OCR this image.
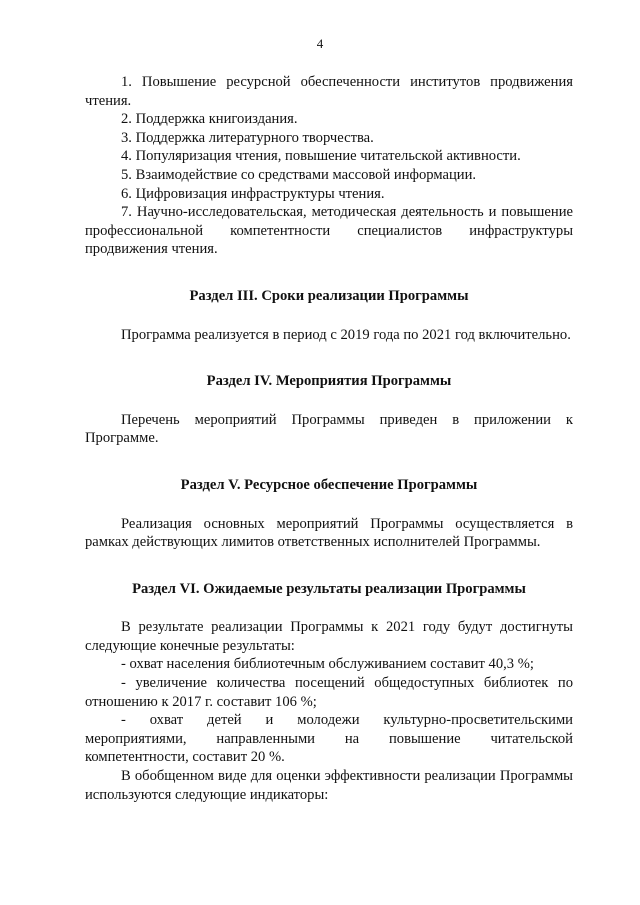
4

1. Повышение ресурсной обеспеченности институтов продвижения чтения.

2. Поддержка книгоиздания.

3. Поддержка литературного творчества.

4. Популяризация чтения, повышение читательской активности.

5. Взаимодействие со средствами массовой информации.

6. Цифровизация инфраструктуры чтения.

7. Научно-исследовательская, методическая деятельность и повышение профессиональной компетентности специалистов инфраструктуры продвижения чтения.

Раздел III. Сроки реализации Программы

Программа реализуется в период с 2019 года по 2021 год включительно.

Раздел IV. Мероприятия Программы

Перечень мероприятий Программы приведен в приложении к Программе.

Раздел V. Ресурсное обеспечение Программы

Реализация основных мероприятий Программы осуществляется в рамках действующих лимитов ответственных исполнителей Программы.

Раздел VI. Ожидаемые результаты реализации Программы

В результате реализации Программы к 2021 году будут достигнуты следующие конечные результаты:

- охват населения библиотечным обслуживанием составит 40,3 %;

- увеличение количества посещений общедоступных библиотек по отношению к 2017 г. составит 106 %;

- охват детей и молодежи культурно-просветительскими мероприятиями, направленными на повышение читательской компетентности, составит 20 %.

В обобщенном виде для оценки эффективности реализации Программы используются следующие индикаторы:
